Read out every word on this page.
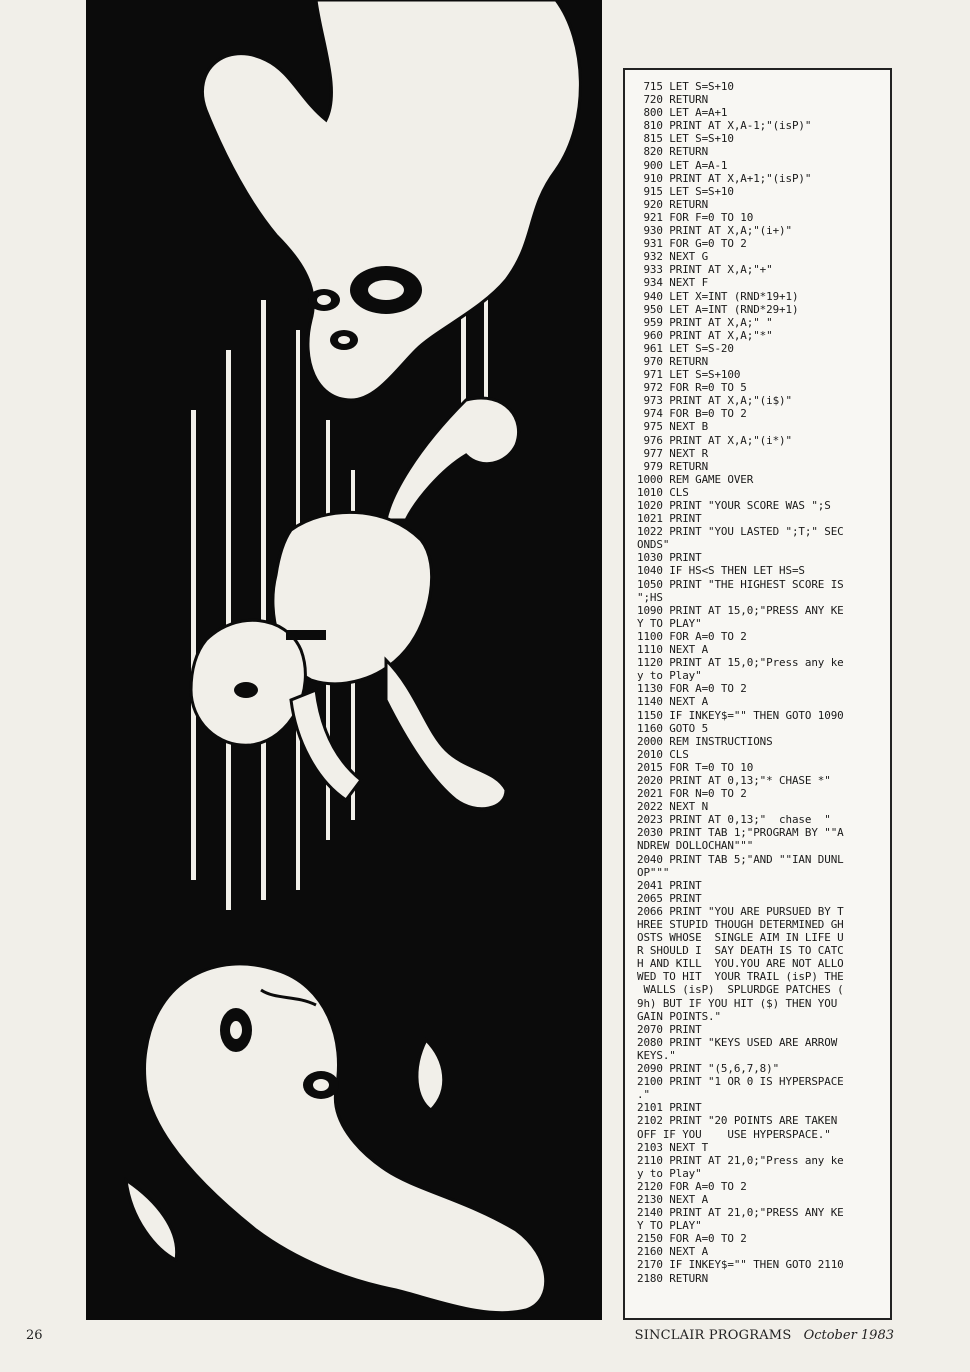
715 LET S=S+10
720 RETURN
800 LET A=A+1
810 PRINT AT X,A-1;"(isP)"
815 LET S=S+10
820 RETURN
900 LET A=A-1
910 PRINT AT X,A+1;"(isP)"
915 LET S=S+10
920 RETURN
921 FOR F=0 TO 10
930 PRINT AT X,A;"(i+)"
931 FOR G=0 TO 2
932 NEXT G
933 PRINT AT X,A;"+"
934 NEXT F
940 LET X=INT (RND*19+1)
950 LET A=INT (RND*29+1)
959 PRINT AT X,A;" "
960 PRINT AT X,A;"*"
961 LET S=S-20
970 RETURN
971 LET S=S+100
972 FOR R=0 TO 5
973 PRINT AT X,A;"(i$)"
974 FOR B=0 TO 2
975 NEXT B
976 PRINT AT X,A;"(i*)"
977 NEXT R
979 RETURN
1000 REM GAME OVER
1010 CLS
1020 PRINT "YOUR SCORE WAS ";S
1021 PRINT
1022 PRINT "YOU LASTED ";T;" SEC
ONDS"
1030 PRINT
1040 IF HS<S THEN LET HS=S
1050 PRINT "THE HIGHEST SCORE IS
";HS
1090 PRINT AT 15,0;"PRESS ANY KE
Y TO PLAY"
1100 FOR A=0 TO 2
1110 NEXT A
1120 PRINT AT 15,0;"Press any ke
y to Play"
1130 FOR A=0 TO 2
1140 NEXT A
1150 IF INKEY$="" THEN GOTO 1090
1160 GOTO 5
2000 REM INSTRUCTIONS
2010 CLS
2015 FOR T=0 TO 10
2020 PRINT AT 0,13;"* CHASE *"
2021 FOR N=0 TO 2
2022 NEXT N
2023 PRINT AT 0,13;"  chase  "
2030 PRINT TAB 1;"PROGRAM BY ""A
NDREW DOLLOCHAN"""
2040 PRINT TAB 5;"AND ""IAN DUNL
OP"""
2041 PRINT
2065 PRINT
2066 PRINT "YOU ARE PURSUED BY T
HREE STUPID THOUGH DETERMINED GH
OSTS WHOSE  SINGLE AIM IN LIFE U
R SHOULD I  SAY DEATH IS TO CATC
H AND KILL  YOU.YOU ARE NOT ALLO
WED TO HIT  YOUR TRAIL (isP) THE
WALLS (isP)  SPLURDGE PATCHES (
9h) BUT IF YOU HIT ($) THEN YOU
GAIN POINTS."
2070 PRINT
2080 PRINT "KEYS USED ARE ARROW
KEYS."
2090 PRINT "(5,6,7,8)"
2100 PRINT "1 OR 0 IS HYPERSPACE
."
2101 PRINT
2102 PRINT "20 POINTS ARE TAKEN
OFF IF YOU    USE HYPERSPACE."
2103 NEXT T
2110 PRINT AT 21,0;"Press any ke
y to Play"
2120 FOR A=0 TO 2
2130 NEXT A
2140 PRINT AT 21,0;"PRESS ANY KE
Y TO PLAY"
2150 FOR A=0 TO 2
2160 NEXT A
2170 IF INKEY$="" THEN GOTO 2110
2180 RETURN
26	SINCLAIR PROGRAMS October 1983
